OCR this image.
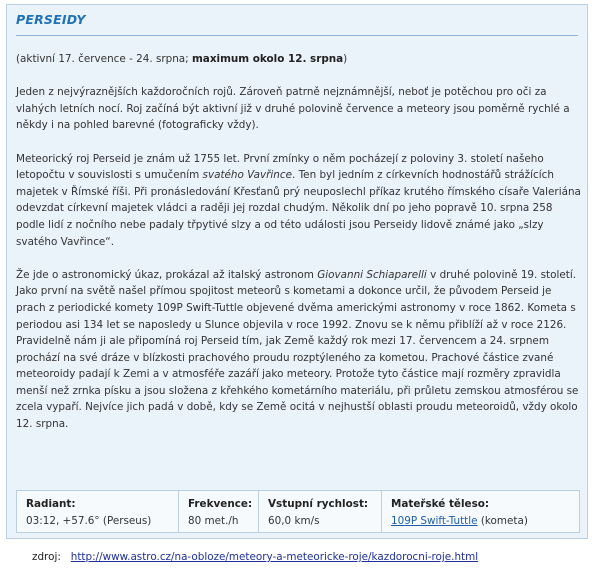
PERSEIDY

(aktivní 17. července - 24. srpna; maximum okolo 12. srpna)

Jeden z nejvýraznějších každoročních rojů. Zároveň patrně nejznámnější, neboť je potěchou pro oči za vlahých letních nocí. Roj začíná být aktivní již v druhé polovině července a meteory jsou poměrně rychlé a někdy i na pohled barevné (fotograficky vždy).

Meteorický roj Perseid je znám už 1755 let. První zmínky o něm pocházejí z poloviny 3. století našeho letopočtu v souvislosti s umučením svatého Vavřince. Ten byl jedním z církevních hodnostářů strážících majetek v Římské říši. Při pronásledování Křesťanů prý neuposlechl příkaz krutého římského císaře Valeriána odevzdat církevní majetek vládci a raději jej rozdal chudým. Několik dní po jeho popravě 10. srpna 258 podle lidí z nočního nebe padaly třpytivé slzy a od této události jsou Perseidy lidově známé jako „slzy svatého Vavřince“.

Že jde o astronomický úkaz, prokázal až italský astronom Giovanni Schiaparelli v druhé polovině 19. století. Jako první na světě našel přímou spojitost meteorů s kometami a dokonce určil, že původem Perseid je prach z periodické komety 109P Swift-Tuttle objevené dvěma americkými astronomy v roce 1862. Kometa s periodou asi 134 let se naposledy u Slunce objevila v roce 1992. Znovu se k němu přiblíží až v roce 2126. Pravidelně nám ji ale připomíná roj Perseid tím, jak Země každý rok mezi 17. červencem a 24. srpnem prochází na své dráze v blízkosti prachového proudu rozptýleného za kometou. Prachové částice zvané meteoroidy padají k Zemi a v atmosféře zazáří jako meteory. Protože tyto částice mají rozměry zpravidla menší než zrnka písku a jsou složena z křehkého kometárního materiálu, při průletu zemskou atmosférou se zcela vypaří. Nejvíce jich padá v době, kdy se Země ocitá v nejhustší oblasti proudu meteoroidů, vždy okolo 12. srpna.

Radiant:
03:12, +57.6° (Perseus)
Frekvence:
80 met./h
Vstupní rychlost:
60,0 km/s
Mateřské těleso:
109P Swift-Tuttle (kometa)
zdroj: http://www.astro.cz/na-oblozе/meteory-a-meteoricke-roje/kazdorocni-roje.html
